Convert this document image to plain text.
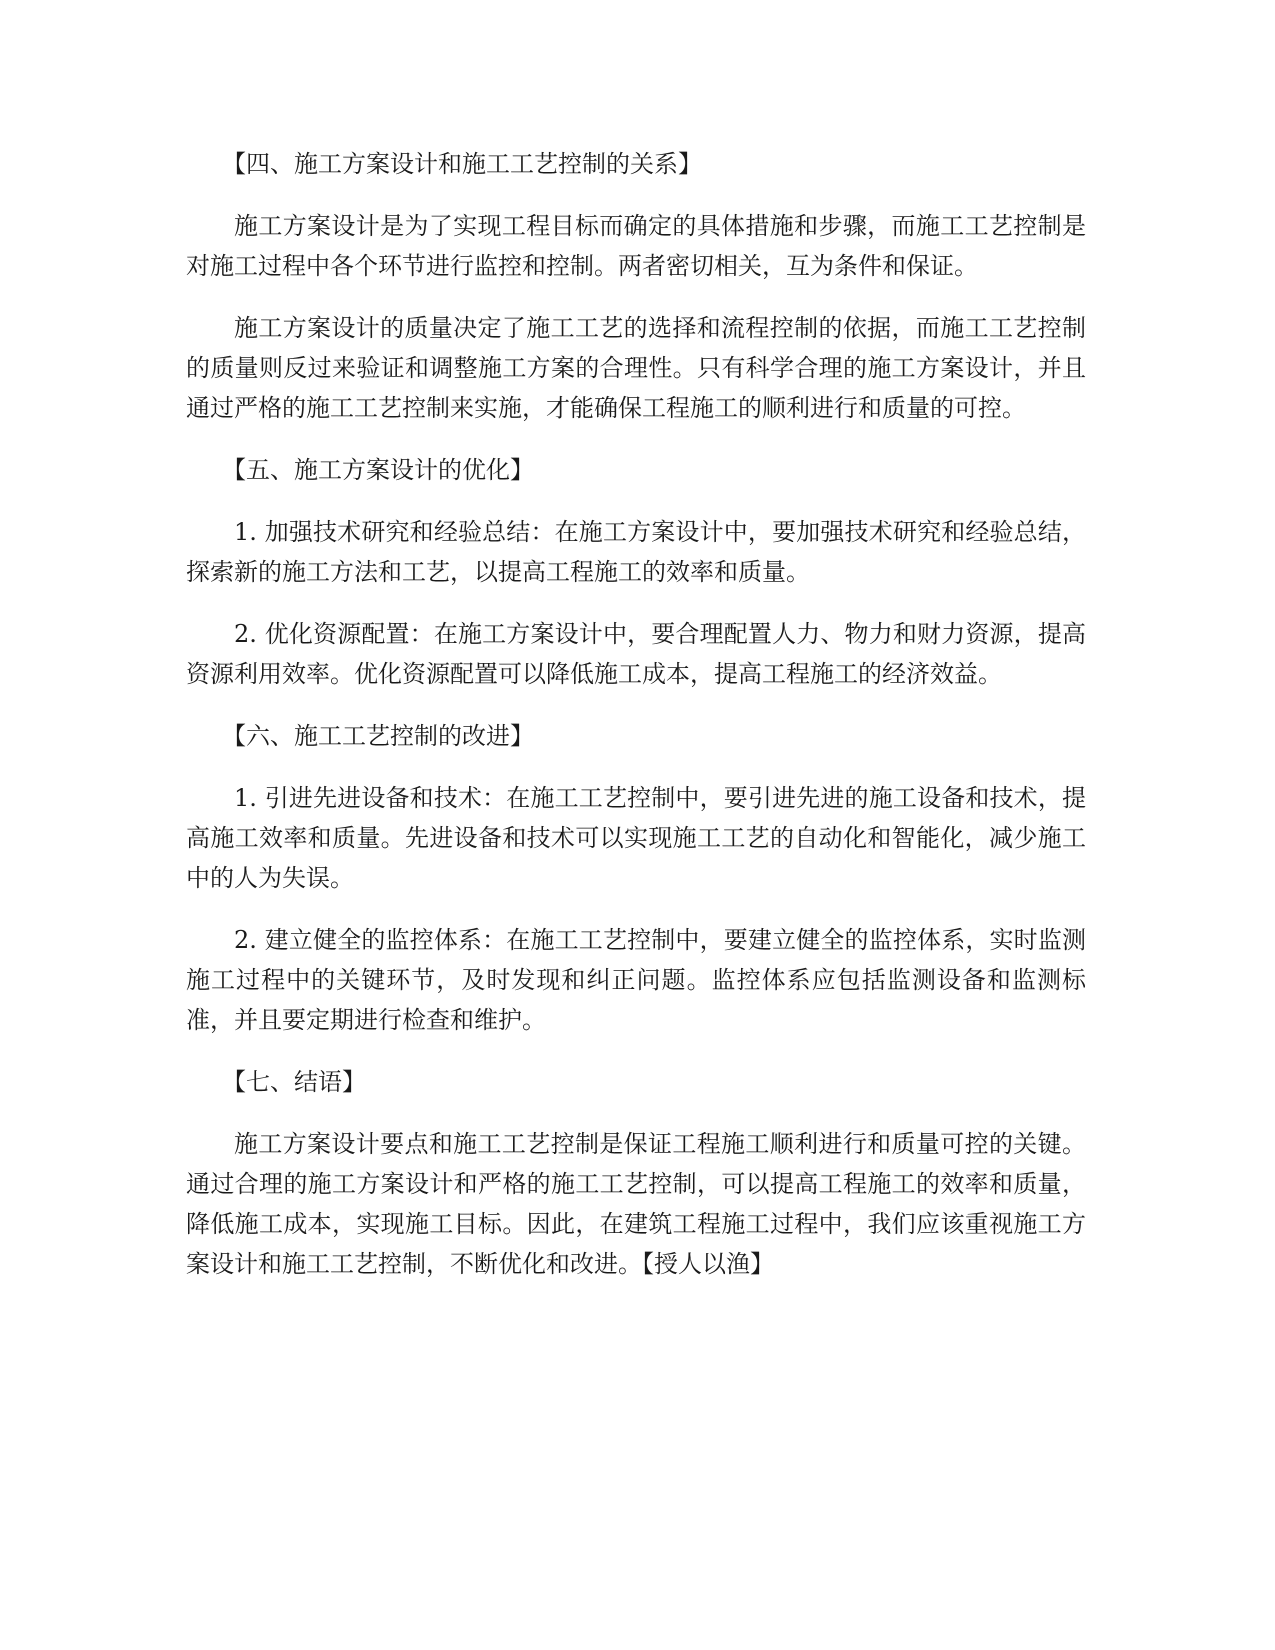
【四、施工方案设计和施工工艺控制的关系】

施工方案设计是为了实现工程目标而确定的具体措施和步骤，而施工工艺控制是对施工过程中各个环节进行监控和控制。两者密切相关，互为条件和保证。

施工方案设计的质量决定了施工工艺的选择和流程控制的依据，而施工工艺控制的质量则反过来验证和调整施工方案的合理性。只有科学合理的施工方案设计，并且通过严格的施工工艺控制来实施，才能确保工程施工的顺利进行和质量的可控。

【五、施工方案设计的优化】

1. 加强技术研究和经验总结：在施工方案设计中，要加强技术研究和经验总结，探索新的施工方法和工艺，以提高工程施工的效率和质量。

2. 优化资源配置：在施工方案设计中，要合理配置人力、物力和财力资源，提高资源利用效率。优化资源配置可以降低施工成本，提高工程施工的经济效益。

【六、施工工艺控制的改进】

1. 引进先进设备和技术：在施工工艺控制中，要引进先进的施工设备和技术，提高施工效率和质量。先进设备和技术可以实现施工工艺的自动化和智能化，减少施工中的人为失误。

2. 建立健全的监控体系：在施工工艺控制中，要建立健全的监控体系，实时监测施工过程中的关键环节，及时发现和纠正问题。监控体系应包括监测设备和监测标准，并且要定期进行检查和维护。

【七、结语】

施工方案设计要点和施工工艺控制是保证工程施工顺利进行和质量可控的关键。通过合理的施工方案设计和严格的施工工艺控制，可以提高工程施工的效率和质量，降低施工成本，实现施工目标。因此，在建筑工程施工过程中，我们应该重视施工方案设计和施工工艺控制，不断优化和改进。【授人以渔】
